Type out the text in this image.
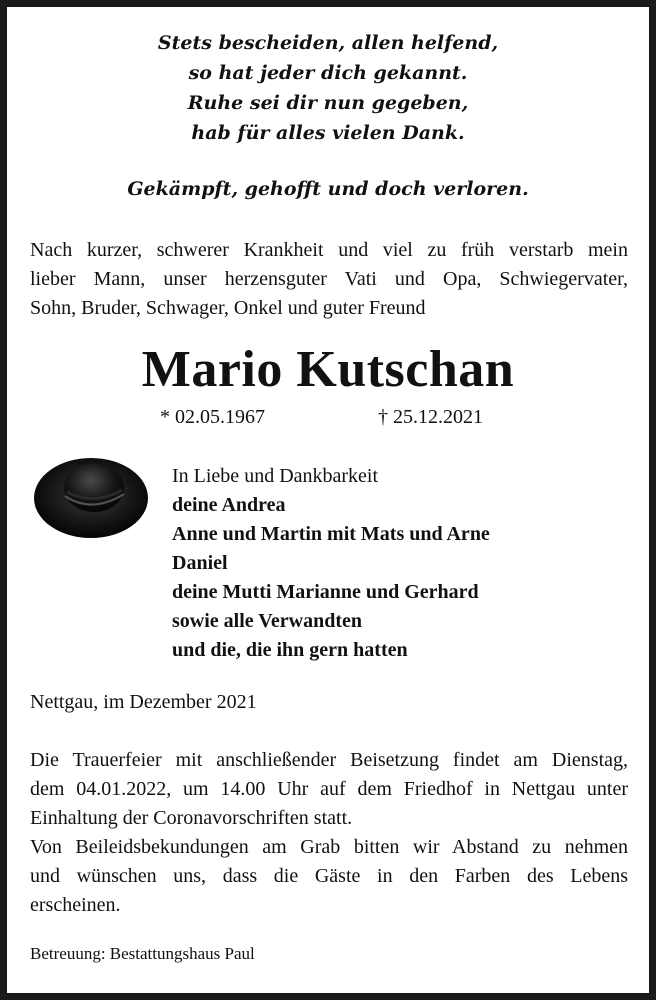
Stets bescheiden, allen helfend,
so hat jeder dich gekannt.
Ruhe sei dir nun gegeben,
hab für alles vielen Dank.
Gekämpft, gehofft und doch verloren.
Nach kurzer, schwerer Krankheit und viel zu früh verstarb mein
lieber Mann, unser herzensguter Vati und Opa, Schwiegervater,
Sohn, Bruder, Schwager, Onkel und guter Freund
Mario Kutschan
* 02.05.1967	† 25.12.2021
In Liebe und Dankbarkeit
deine Andrea
Anne und Martin mit Mats und Arne
Daniel
deine Mutti Marianne und Gerhard
sowie alle Verwandten
und die, die ihn gern hatten
Nettgau, im Dezember 2021
Die Trauerfeier mit anschließender Beisetzung findet am Dienstag,
dem 04.01.2022, um 14.00 Uhr auf dem Friedhof in Nettgau unter
Einhaltung der Coronavorschriften statt.
Von Beileidsbekundungen am Grab bitten wir Abstand zu nehmen
und wünschen uns, dass die Gäste in den Farben des Lebens
erscheinen.
Betreuung: Bestattungshaus Paul
